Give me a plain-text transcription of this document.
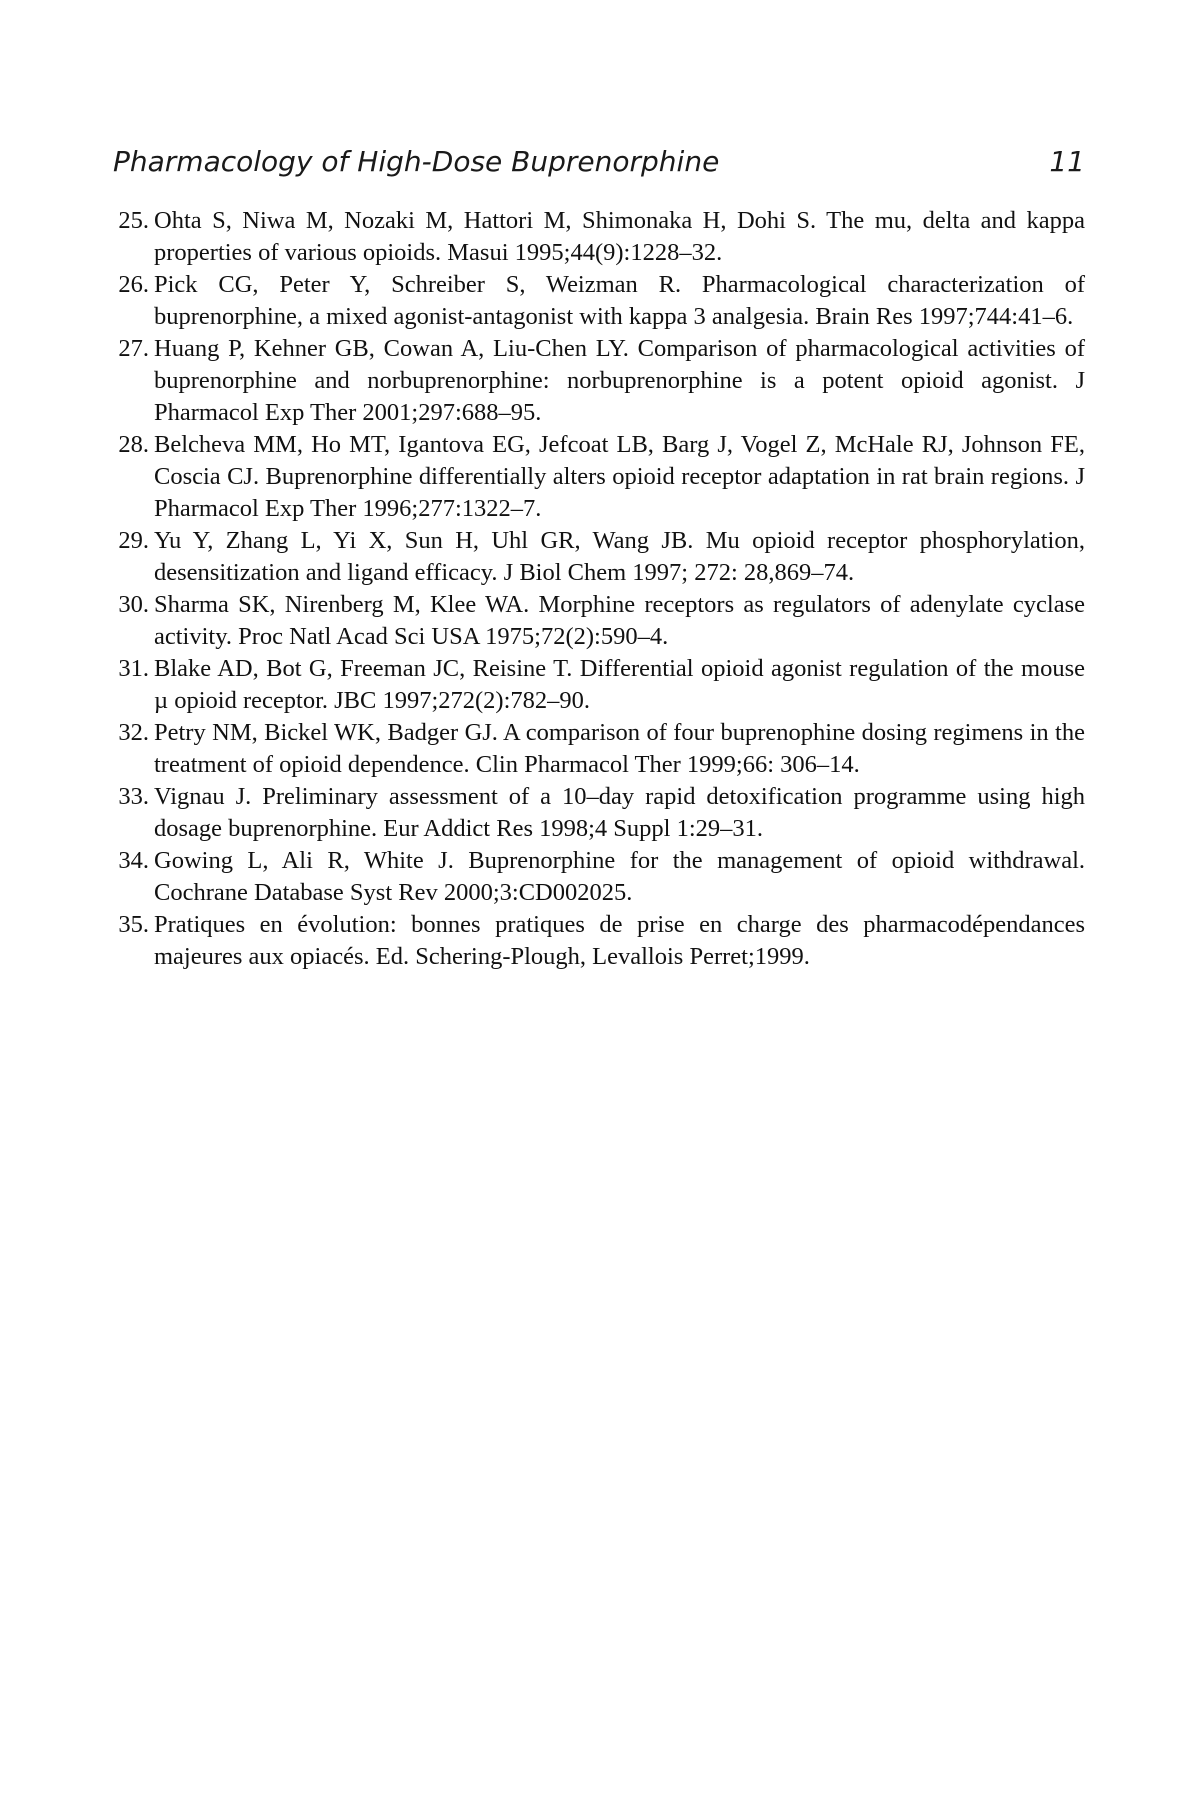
Pharmacology of High-Dose Buprenorphine	11
25. Ohta S, Niwa M, Nozaki M, Hattori M, Shimonaka H, Dohi S. The mu, delta and kappa properties of various opioids. Masui 1995;44(9):1228–32.
26. Pick CG, Peter Y, Schreiber S, Weizman R. Pharmacological characterization of buprenorphine, a mixed agonist-antagonist with kappa 3 analgesia. Brain Res 1997;744:41–6.
27. Huang P, Kehner GB, Cowan A, Liu-Chen LY. Comparison of pharmacological activities of buprenorphine and norbuprenorphine: norbuprenorphine is a potent opioid agonist. J Pharmacol Exp Ther 2001;297:688–95.
28. Belcheva MM, Ho MT, Igantova EG, Jefcoat LB, Barg J, Vogel Z, McHale RJ, Johnson FE, Coscia CJ. Buprenorphine differentially alters opioid receptor adaptation in rat brain regions. J Pharmacol Exp Ther 1996;277:1322–7.
29. Yu Y, Zhang L, Yi X, Sun H, Uhl GR, Wang JB. Mu opioid receptor phosphorylation, desensitization and ligand efficacy. J Biol Chem 1997; 272: 28,869–74.
30. Sharma SK, Nirenberg M, Klee WA. Morphine receptors as regulators of adenylate cyclase activity. Proc Natl Acad Sci USA 1975;72(2):590–4.
31. Blake AD, Bot G, Freeman JC, Reisine T. Differential opioid agonist regulation of the mouse µ opioid receptor. JBC 1997;272(2):782–90.
32. Petry NM, Bickel WK, Badger GJ. A comparison of four buprenophine dosing regimens in the treatment of opioid dependence. Clin Pharmacol Ther 1999;66: 306–14.
33. Vignau J. Preliminary assessment of a 10–day rapid detoxification programme using high dosage buprenorphine. Eur Addict Res 1998;4 Suppl 1:29–31.
34. Gowing L, Ali R, White J. Buprenorphine for the management of opioid withdrawal. Cochrane Database Syst Rev 2000;3:CD002025.
35. Pratiques en évolution: bonnes pratiques de prise en charge des pharmacodépendances majeures aux opiacés. Ed. Schering-Plough, Levallois Perret;1999.
